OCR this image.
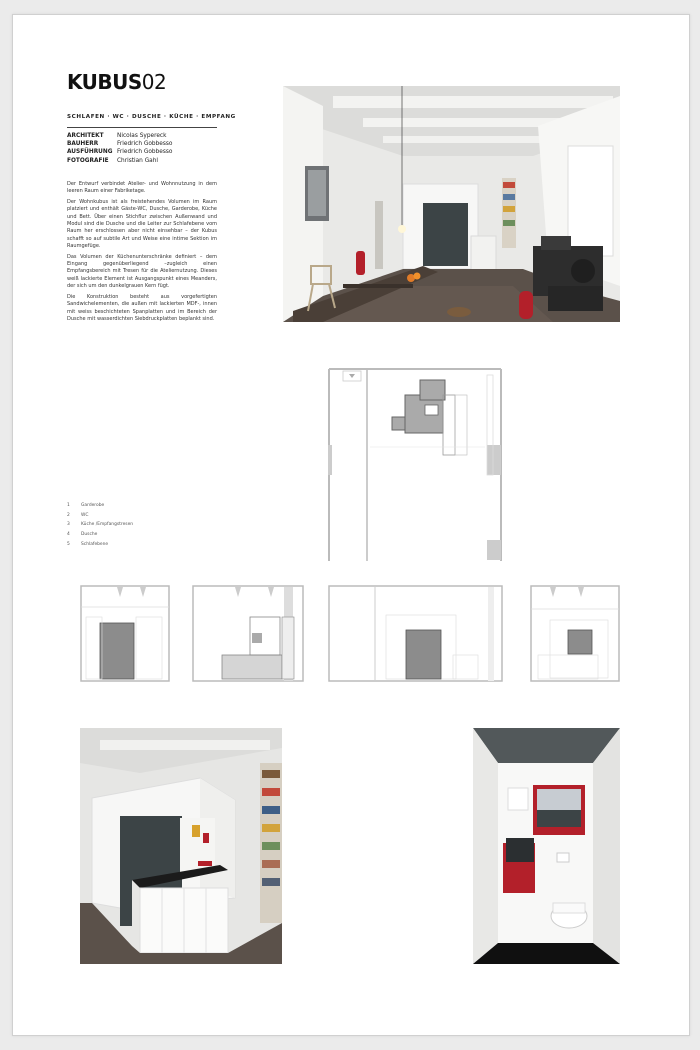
KUBUS02
SCHLAFEN · WC · DUSCHE · KÜCHE · EMPFANG
ARCHITEKT	Nicolas Sypereck
BAUHERR	Friedrich Gobbesso
AUSFÜHRUNG Friedrich Gobbesso
FOTOGRAFIE	Christian Gahl

Der Entwurf verbindet Atelier- und Wohnnutzung in dem leeren Raum einer Fabriketage.

Der Wohnkubus ist als freistehendes Volumen im Raum platziert und enthält Gäste-WC, Dusche, Garderobe, Küche und Bett. Über einen Stichflur zwischen Außenwand und Modul sind die Dusche und die Leiter zur Schlafebene vom Raum her erschlossen aber nicht einsehbar – der Kubus schafft so auf subtile Art und Weise eine intime Sektion im Raumgefüge.

Das Volumen der Küchenunterschränke definiert – dem Eingang gegenüberliegend –zugleich einen Empfangsbereich mit Tresen für die Ateliernutzung. Dieses weiß lackierte Element ist Ausgangspunkt eines Meanders, der sich um den dunkelgrauen Kern fügt.

Die Konstruktion besteht aus vorgefertigten Sandwichelementen, die außen mit lackierten MDF-, innen mit weiss beschichteten Spanplatten und im Bereich der Dusche mit wasserdichten Siebdruckplatten beplankt sind.

1	Garderobe
2	WC
3	Küche /Empfangstresen
4	Dusche
5	Schlafebene
